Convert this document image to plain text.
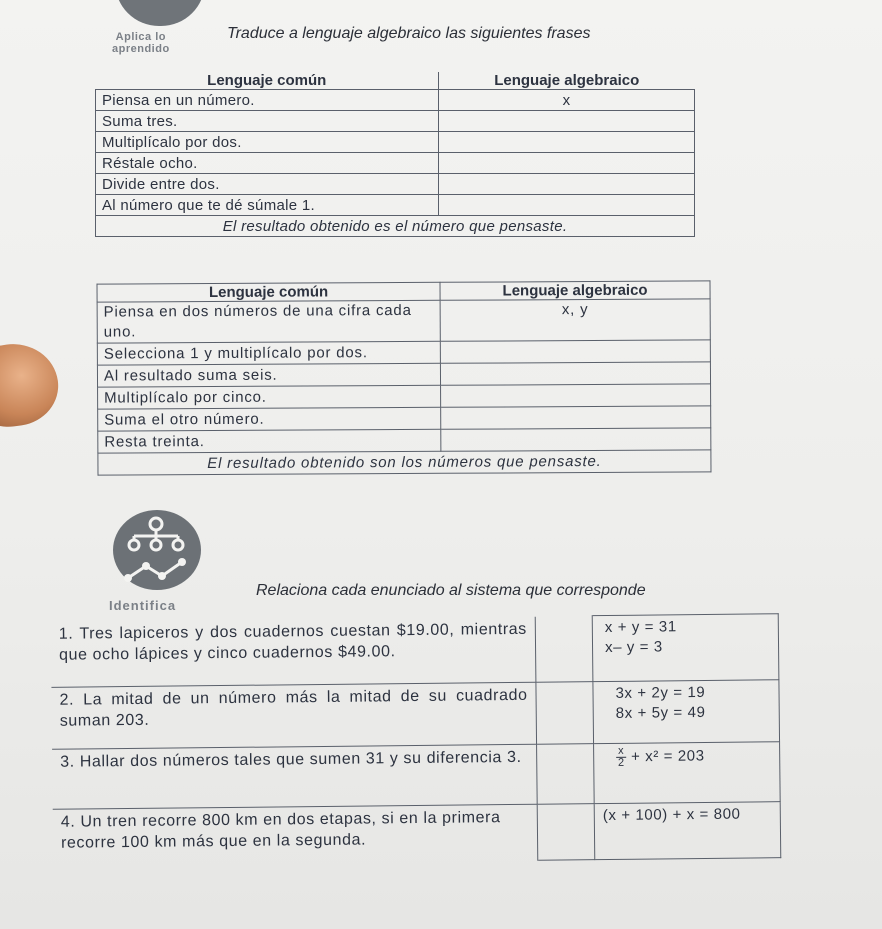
Aplica lo
aprendido
Traduce a lenguaje algebraico las siguientes frases
Lenguaje común	Lenguaje algebraico
Piensa en un número.	x
Suma tres.	
Multiplícalo por dos.	
Réstale ocho.	
Divide entre dos.	
Al número que te dé súmale 1.	
El resultado obtenido es el número que pensaste.	
Lenguaje común	Lenguaje algebraico
Piensa en dos números de una cifra cada uno.	x, y
Selecciona 1 y multiplícalo por dos.	
Al resultado suma seis.	
Multiplícalo por cinco.	
Suma el otro número.	
Resta treinta.	
El resultado obtenido son los números que pensaste.	
Identifica
Relaciona cada enunciado al sistema que corresponde
1. Tres lapiceros y dos cuadernos cuestan $19.00, mientras que ocho lápices y cinco cuadernos $49.00.		x + y = 31
x– y = 3

2. La mitad de un número más la mitad de su cuadrado suman 203.		3x + 2y = 19
8x + 5y = 49

3. Hallar dos números tales que sumen 31 y su diferencia 3.		$\frac{x}{2} + x^2 = 203$
4. Un tren recorre 800 km en dos etapas, si en la primera recorre 100 km más que en la segunda.		(x + 100) + x = 800
